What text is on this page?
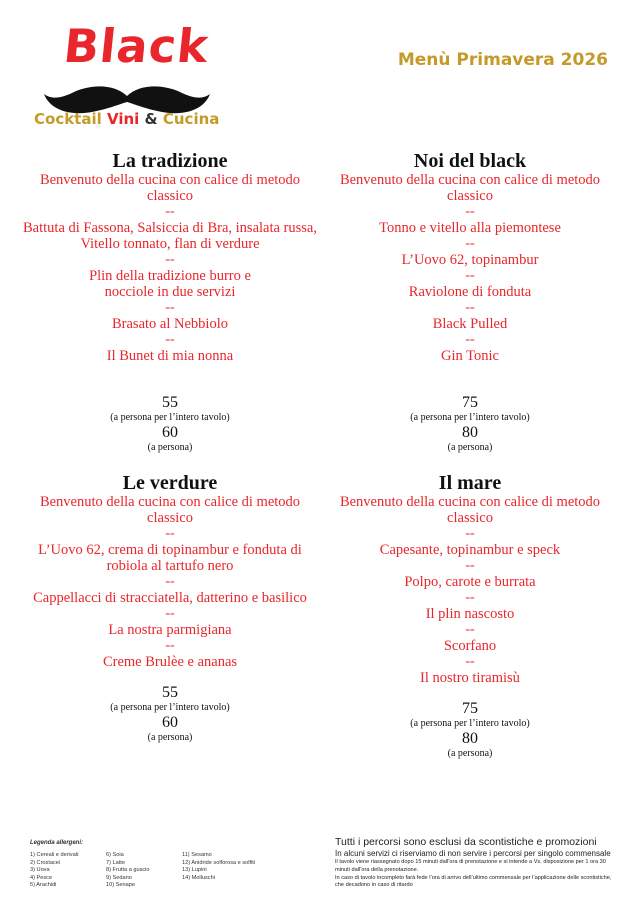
Black
Cocktail Vini & Cucina
Menù Primavera 2026
La tradizione
Benvenuto della cucina con calice di metodo classico
--
Battuta di Fassona, Salsiccia di Bra, insalata russa, Vitello tonnato, flan di verdure
--
Plin della tradizione burro e nocciole in due servizi
--
Brasato al Nebbiolo
--
Il Bunet di mia nonna
55
(a persona per l’intero tavolo)
60
(a persona)
Noi del black
Benvenuto della cucina con calice di metodo classico
--
Tonno e vitello alla piemontese
--
L’Uovo 62, topinambur
--
Raviolone di fonduta
--
Black Pulled
--
Gin Tonic
75
(a persona per l’intero tavolo)
80
(a persona)
Le verdure
Benvenuto della cucina con calice di metodo classico
--
L’Uovo 62, crema di topinambur e fonduta di robiola al tartufo nero
--
Cappellacci di stracciatella, datterino e basilico
--
La nostra parmigiana
--
Creme Brulèe e ananas
55
(a persona per l’intero tavolo)
60
(a persona)
Il mare
Benvenuto della cucina con calice di metodo classico
--
Capesante, topinambur e speck
--
Polpo, carote e burrata
--
Il plin nascosto
--
Scorfano
--
Il nostro tiramisù
75
(a persona per l’intero tavolo)
80
(a persona)
Legenda allergeni:
1) Cereali e derivati
2) Crostacei
3) Uova
4) Pesce
5) Arachidi
6) Soia
7) Latte
8) Frutta a guscio
9) Sedano
10) Senape
11) Sesamo
12) Anidride solforosa e solfiti
13) Lupini
14) Molluschi
Tutti i percorsi sono esclusi da scontistiche e promozioni
In alcuni servizi ci riserviamo di non servire i percorsi per singolo commensale
Il tavolo viene riassegnato dopo 15 minuti dall’ora di prenotazione e si intende a Vs. disposizione per 1 ora 30 minuti dall’ora della prenotazione.
In caso di tavolo incompleto farà fede l’ora di arrivo dell’ultimo commensale per l’applicazione delle scontistiche, che decadono in caso di ritardo
